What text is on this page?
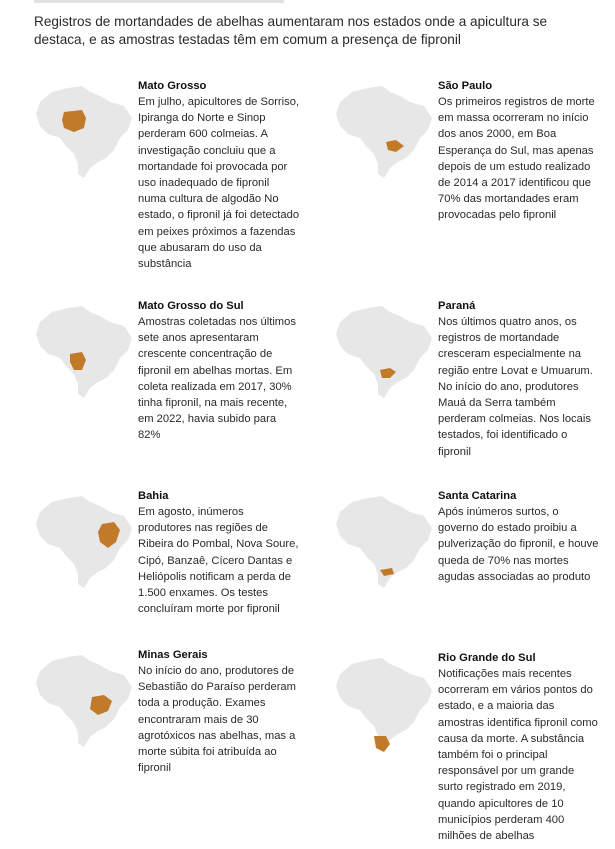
Registros de mortandades de abelhas aumentaram nos estados onde a apicultura se destaca, e as amostras testadas têm em comum a presença de fipronil
Mato Grosso
Em julho, apicultores de Sorriso, Ipiranga do Norte e Sinop perderam 600 colmeias. A investigação concluiu que a mortandade foi provocada por uso inadequado de fipronil numa cultura de algodão No estado, o fipronil já foi detectado em peixes próximos a fazendas que abusaram do uso da substância
São Paulo
Os primeiros registros de morte em massa ocorreram no início dos anos 2000, em Boa Esperança do Sul, mas apenas depois de um estudo realizado de 2014 a 2017 identificou que 70% das mortandades eram provocadas pelo fipronil
Mato Grosso do Sul
Amostras coletadas nos últimos sete anos apresentaram crescente concentração de fipronil em abelhas mortas. Em coleta realizada em 2017, 30% tinha fipronil, na mais recente, em 2022, havia subido para 82%
Paraná
Nos últimos quatro anos, os registros de mortandade cresceram especialmente na região entre Lovat e Umuarum. No início do ano, produtores Mauá da Serra também perderam colmeias. Nos locais testados, foi identificado o fipronil
Bahia
Em agosto, inúmeros produtores nas regiões de Ribeira do Pombal, Nova Soure, Cipó, Banzaê, Cícero Dantas e Heliópolis notificam a perda de 1.500 enxames. Os testes concluíram morte por fipronil
Santa Catarina
Após inúmeros surtos, o governo do estado proibiu a pulverização do fipronil, e houve queda de 70% nas mortes agudas associadas ao produto
Minas Gerais
No início do ano, produtores de Sebastião do Paraíso perderam toda a produção. Exames encontraram mais de 30 agrotóxicos nas abelhas, mas a morte súbita foi atribuída ao fipronil
Rio Grande do Sul
Notificações mais recentes ocorreram em vários pontos do estado, e a maioria das amostras identifica fipronil como causa da morte. A substância também foi o principal responsável por um grande surto registrado em 2019, quando apicultores de 10 municípios perderam 400 milhões de abelhas
